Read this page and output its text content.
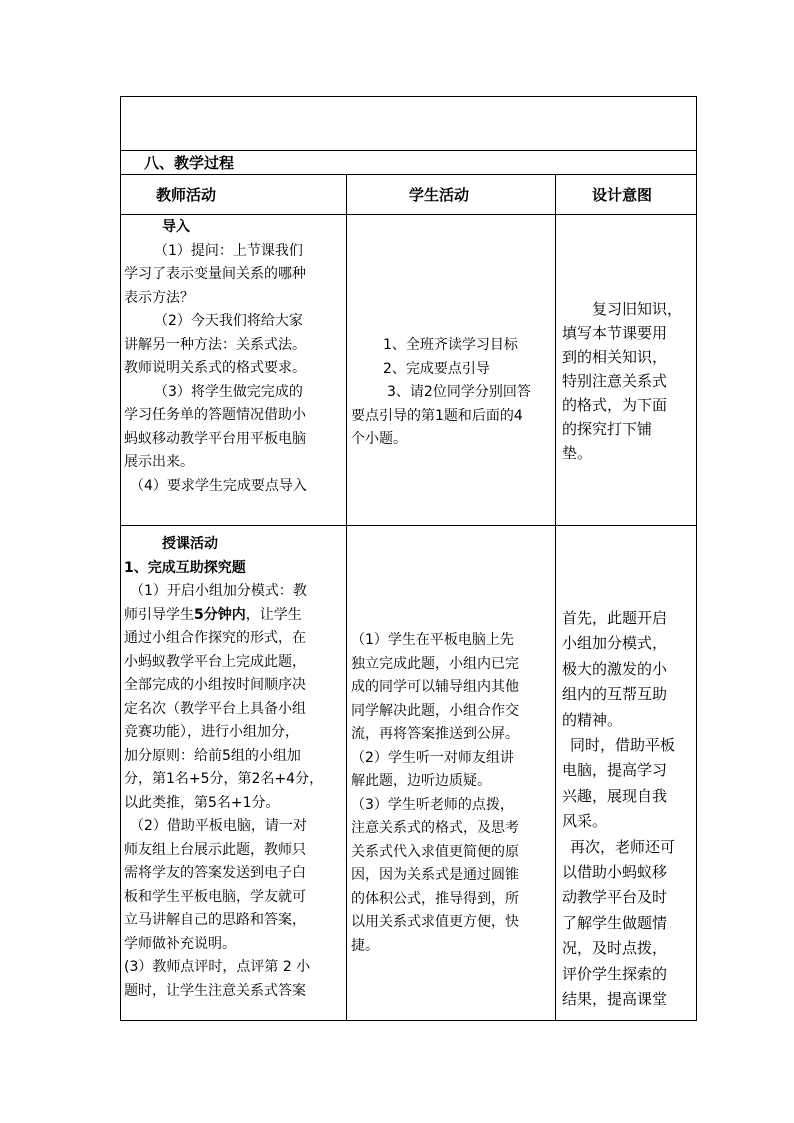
八、教学过程
教师活动	学生活动	设计意图
导入
（1）提问：上节课我们
学习了表示变量间关系的哪种
表示方法？
（2）今天我们将给大家
讲解另一种方法：关系式法。
教师说明关系式的格式要求。
（3）将学生做完完成的
学习任务单的答题情况借助小
蚂蚁移动教学平台用平板电脑
展示出来。
（4）要求学生完成要点导入
1、全班齐读学习目标
2、完成要点引导
3、请2位同学分别回答
要点引导的第1题和后面的4
个小题。
复习旧知识，
填写本节课要用
到的相关知识，
特别注意关系式
的格式，为下面
的探究打下铺
垫。
授课活动
1、完成互助探究题
（1）开启小组加分模式：教
师引导学生5分钟内，让学生
通过小组合作探究的形式，在
小蚂蚁教学平台上完成此题，
全部完成的小组按时间顺序决
定名次（教学平台上具备小组
竞赛功能），进行小组加分，
加分原则：给前5组的小组加
分，第1名+5分，第2名+4分，
以此类推，第5名+1分。
（2）借助平板电脑，请一对
师友组上台展示此题，教师只
需将学友的答案发送到电子白
板和学生平板电脑，学友就可
立马讲解自己的思路和答案，
学师做补充说明。
(3）教师点评时，点评第 2 小
题时，让学生注意关系式答案
（1）学生在平板电脑上先
独立完成此题，小组内已完
成的同学可以辅导组内其他
同学解决此题，小组合作交
流，再将答案推送到公屏。
（2）学生听一对师友组讲
解此题，边听边质疑。
（3）学生听老师的点拨，
注意关系式的格式，及思考
关系式代入求值更简便的原
因，因为关系式是通过圆锥
的体积公式，推导得到，所
以用关系式求值更方便，快
捷。
首先，此题开启
小组加分模式，
极大的激发的小
组内的互帮互助
的精神。
同时，借助平板
电脑，提高学习
兴趣，展现自我
风采。
再次，老师还可
以借助小蚂蚁移
动教学平台及时
了解学生做题情
况，及时点拨，
评价学生探索的
结果，提高课堂
